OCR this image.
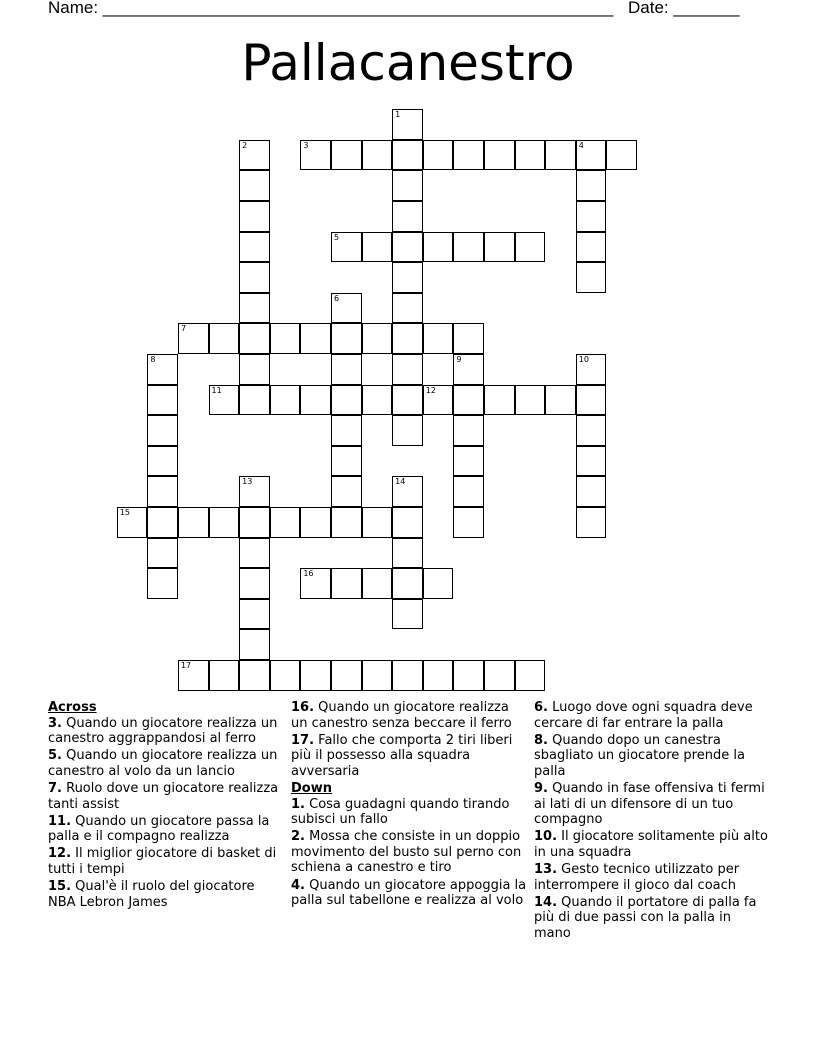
Name: ______________________________________________________ Date: _______
Pallacanestro
3	4
5
7
11	12
15
16
17
1
2
6
8	9	10
13	14
Across
3. Quando un giocatore realizza un canestro aggrappandosi al ferro
5. Quando un giocatore realizza un canestro al volo da un lancio
7. Ruolo dove un giocatore realizza tanti assist
11. Quando un giocatore passa la palla e il compagno realizza
12. Il miglior giocatore di basket di tutti i tempi
15. Qual'è il ruolo del giocatore NBA Lebron James
16. Quando un giocatore realizza un canestro senza beccare il ferro
17. Fallo che comporta 2 tiri liberi più il possesso alla squadra avversaria
Down
1. Cosa guadagni quando tirando subisci un fallo
2. Mossa che consiste in un doppio movimento del busto sul perno con schiena a canestro e tiro
4. Quando un giocatore appoggia la palla sul tabellone e realizza al volo
6. Luogo dove ogni squadra deve cercare di far entrare la palla
8. Quando dopo un canestra sbagliato un giocatore prende la palla
9. Quando in fase offensiva ti fermi ai lati di un difensore di un tuo compagno
10. Il giocatore solitamente più alto in una squadra
13. Gesto tecnico utilizzato per interrompere il gioco dal coach
14. Quando il portatore di palla fa più di due passi con la palla in mano
